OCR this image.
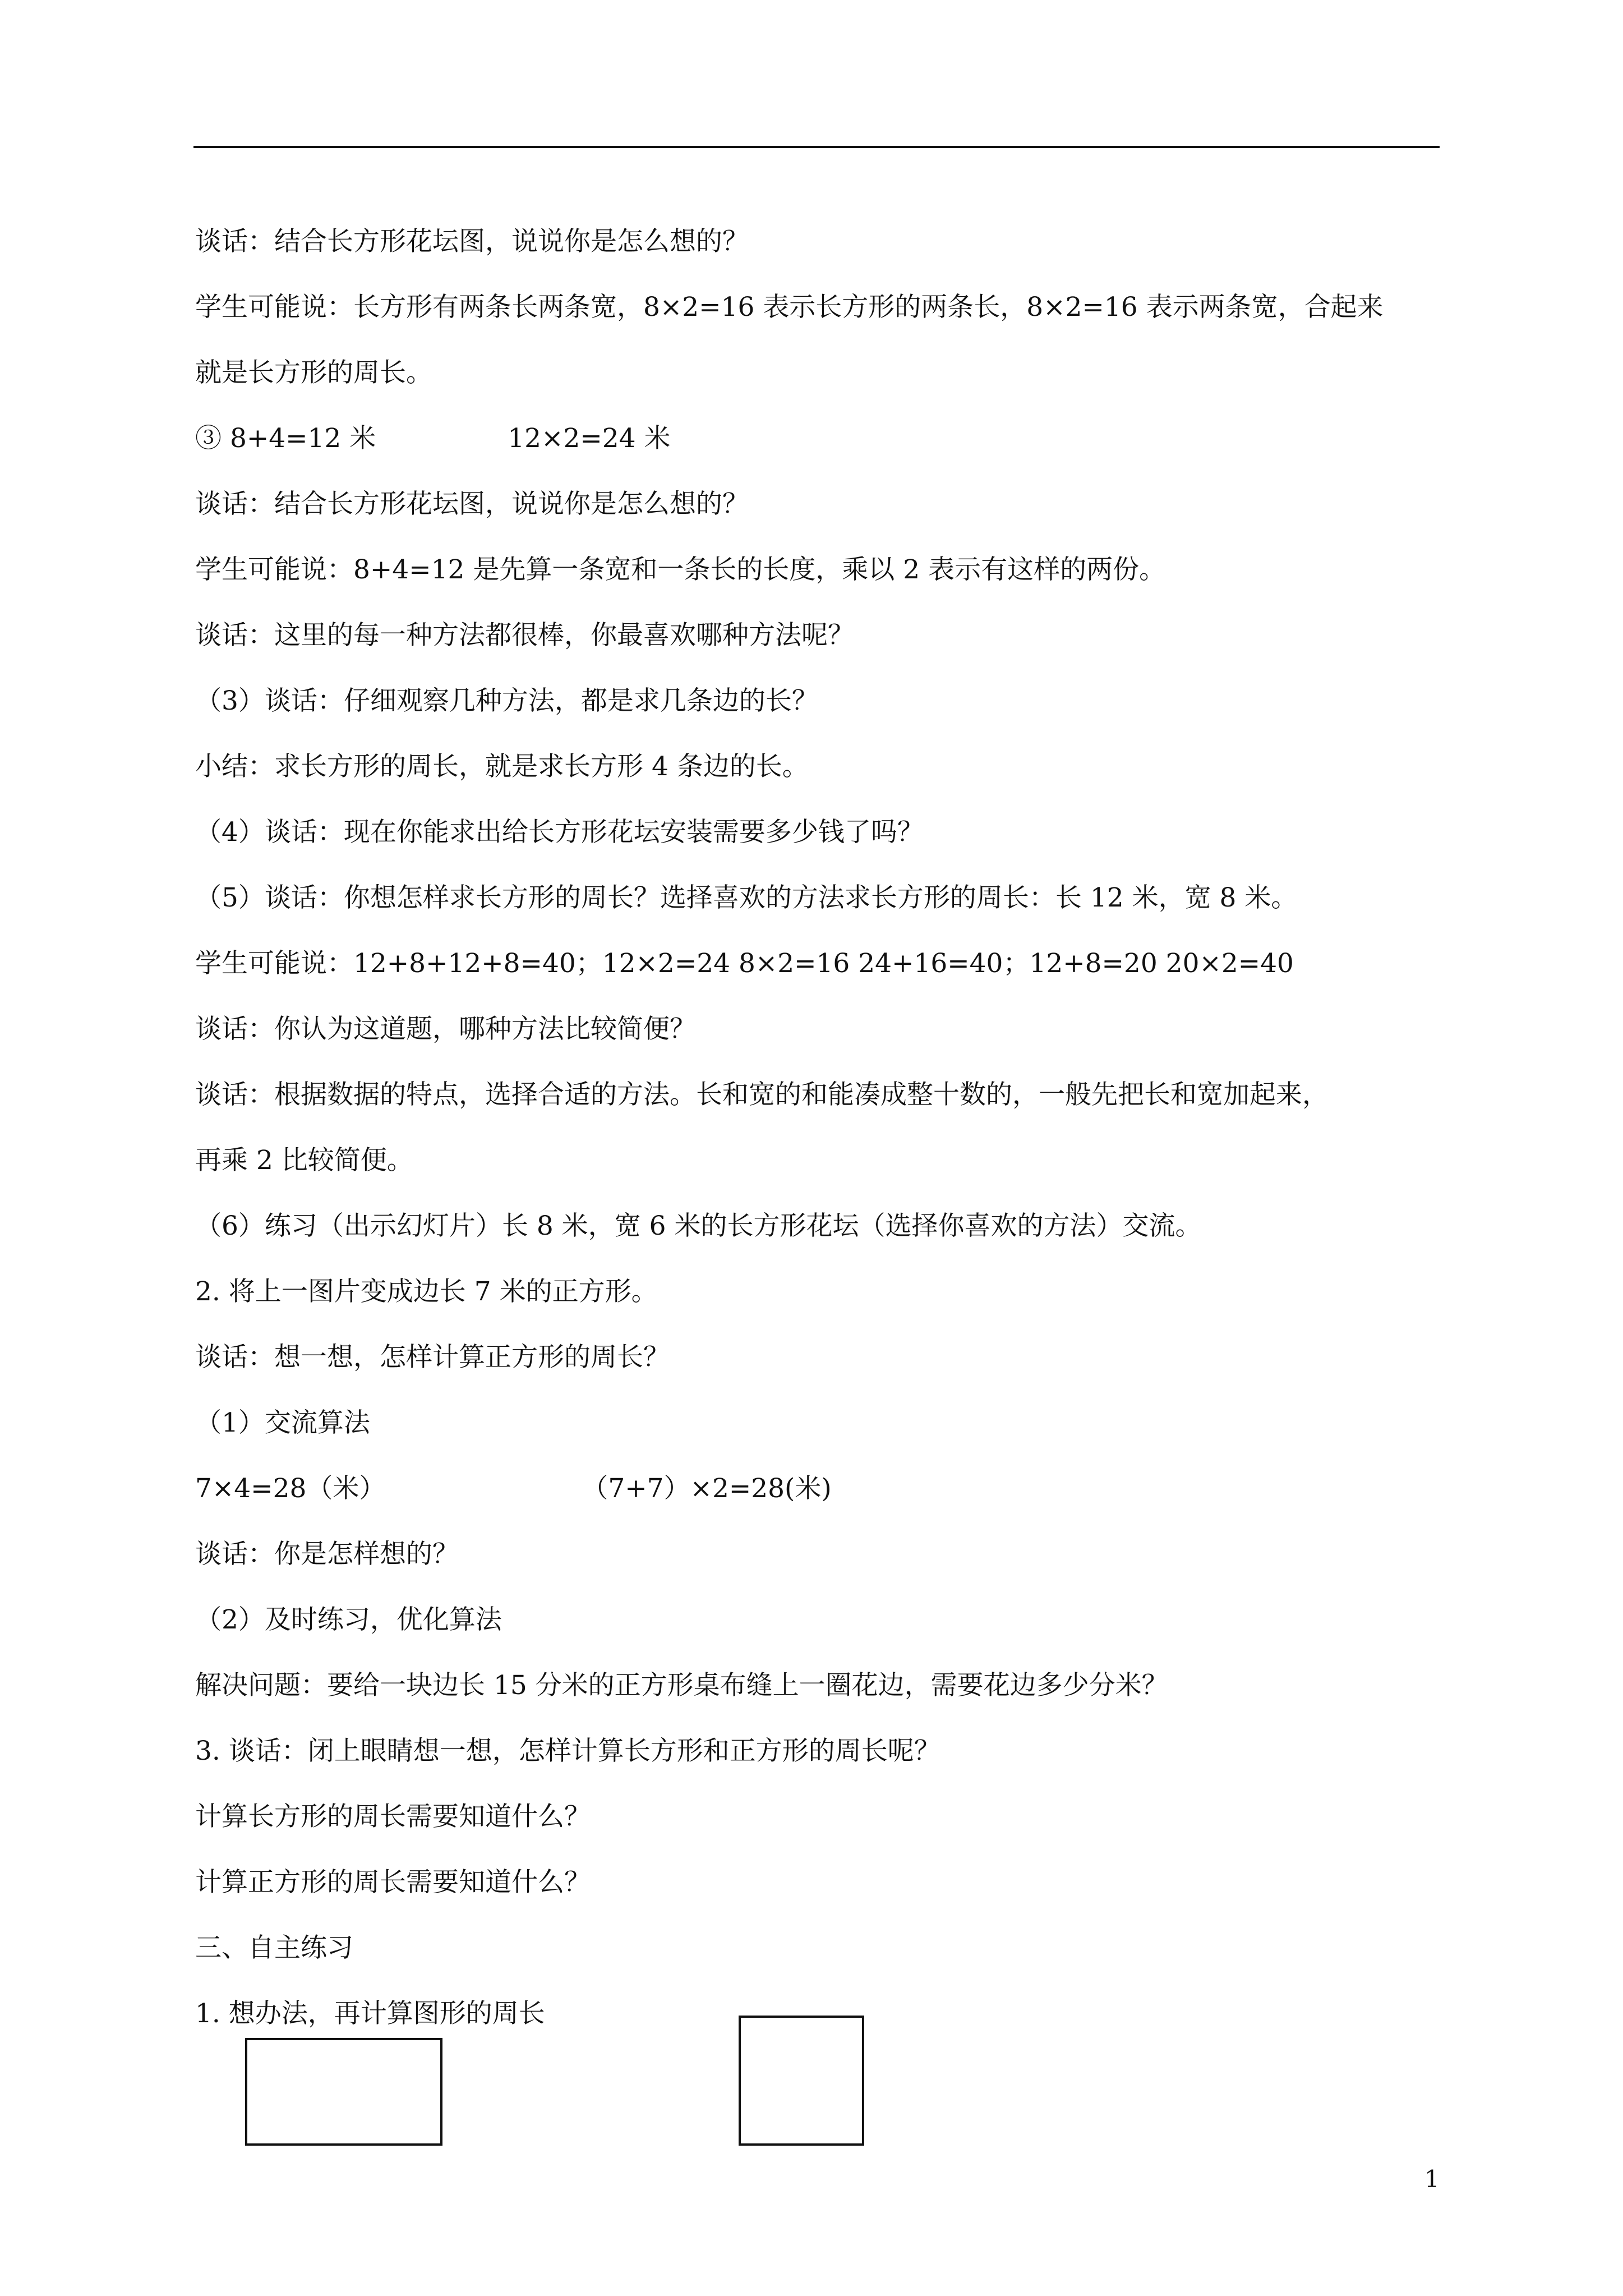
谈话：结合长方形花坛图，说说你是怎么想的？
学生可能说：长方形有两条长两条宽，8×2=16 表示长方形的两条长，8×2=16 表示两条宽，合起来
就是长方形的周长。
③ 8+4=12 米	12×2=24 米
谈话：结合长方形花坛图，说说你是怎么想的？
学生可能说：8+4=12 是先算一条宽和一条长的长度，乘以 2 表示有这样的两份。
谈话：这里的每一种方法都很棒，你最喜欢哪种方法呢？
（3）谈话：仔细观察几种方法，都是求几条边的长？
小结：求长方形的周长，就是求长方形 4 条边的长。
（4）谈话：现在你能求出给长方形花坛安装需要多少钱了吗？
（5）谈话：你想怎样求长方形的周长？选择喜欢的方法求长方形的周长：长 12 米，宽 8 米。
学生可能说：12+8+12+8=40；12×2=24 8×2=16 24+16=40；12+8=20 20×2=40
谈话：你认为这道题，哪种方法比较简便？
谈话：根据数据的特点，选择合适的方法。长和宽的和能凑成整十数的，一般先把长和宽加起来，
再乘 2 比较简便。
（6）练习（出示幻灯片）长 8 米，宽 6 米的长方形花坛（选择你喜欢的方法）交流。
2. 将上一图片变成边长 7 米的正方形。
谈话：想一想，怎样计算正方形的周长？
（1）交流算法
7×4=28（米）	（7+7）×2=28(米)
谈话：你是怎样想的？
（2）及时练习，优化算法
解决问题：要给一块边长 15 分米的正方形桌布缝上一圈花边，需要花边多少分米？
3. 谈话：闭上眼睛想一想，怎样计算长方形和正方形的周长呢？
计算长方形的周长需要知道什么？
计算正方形的周长需要知道什么？
三、自主练习
1. 想办法，再计算图形的周长
1
